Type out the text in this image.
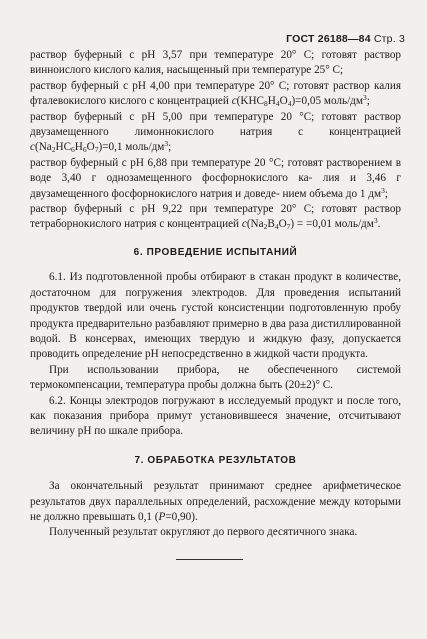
ГОСТ 26188—84 Стр. 3

раствор буферный с рН 3,57 при температуре 20° С; готовят раствор винноислого кислого калия, насыщенный при температуре 25° С;

раствор буферный с рН 4,00 при температуре 20° С; готовят раствор калия фталевокислого кислого с концентрацией $c(KHC_8H_4O_4)=0,05$ моль/$дм^3$;

раствор буферный с рН 5,00 при температуре 20 °С; готовят раствор двузамещенного лимоннокислого натрия с концентрацией $c(Na_2HC_6H_6O_7)=0,1$ моль/$дм^3$;

раствор буферный с рН 6,88 при температуре 20 °С; готовят растворением в воде 3,40 г однозамещенного фосфорнокислого ка- лия и 3,46 г двузамещенного фосфорнокислого натрия и доведе- нием объема до 1 $дм^3$;

раствор буферный с рН 9,22 при температуре 20° С; готовят раствор тетраборнокислого натрия с концентрацией $c(Na_2B_4O_7) = =0,01$ моль/$дм^3$.

6. ПРОВЕДЕНИЕ ИСПЫТАНИЙ

6.1. Из подготовленной пробы отбирают в стакан продукт в количестве, достаточном для погружения электродов. Для проведения испытаний продуктов твердой или очень густой консистенции подготовленную пробу продукта предварительно разбавляют примерно в два раза дистиллированной водой. В консервах, имеющих твердую и жидкую фазу, допускается проводить определение рН непосредственно в жидкой части продукта.

При использовании прибора, не обеспеченного системой термокомпенсации, температура пробы должна быть (20±2)° С.

6.2. Концы электродов погружают в исследуемый продукт и после того, как показания прибора примут установившееся значение, отсчитывают величину рН по шкале прибора.

7. ОБРАБОТКА РЕЗУЛЬТАТОВ

За окончательный результат принимают среднее арифметическое результатов двух параллельных определений, расхождение между которыми не должно превышать 0,1 (P=0,90).

Полученный результат округляют до первого десятичного знака.
